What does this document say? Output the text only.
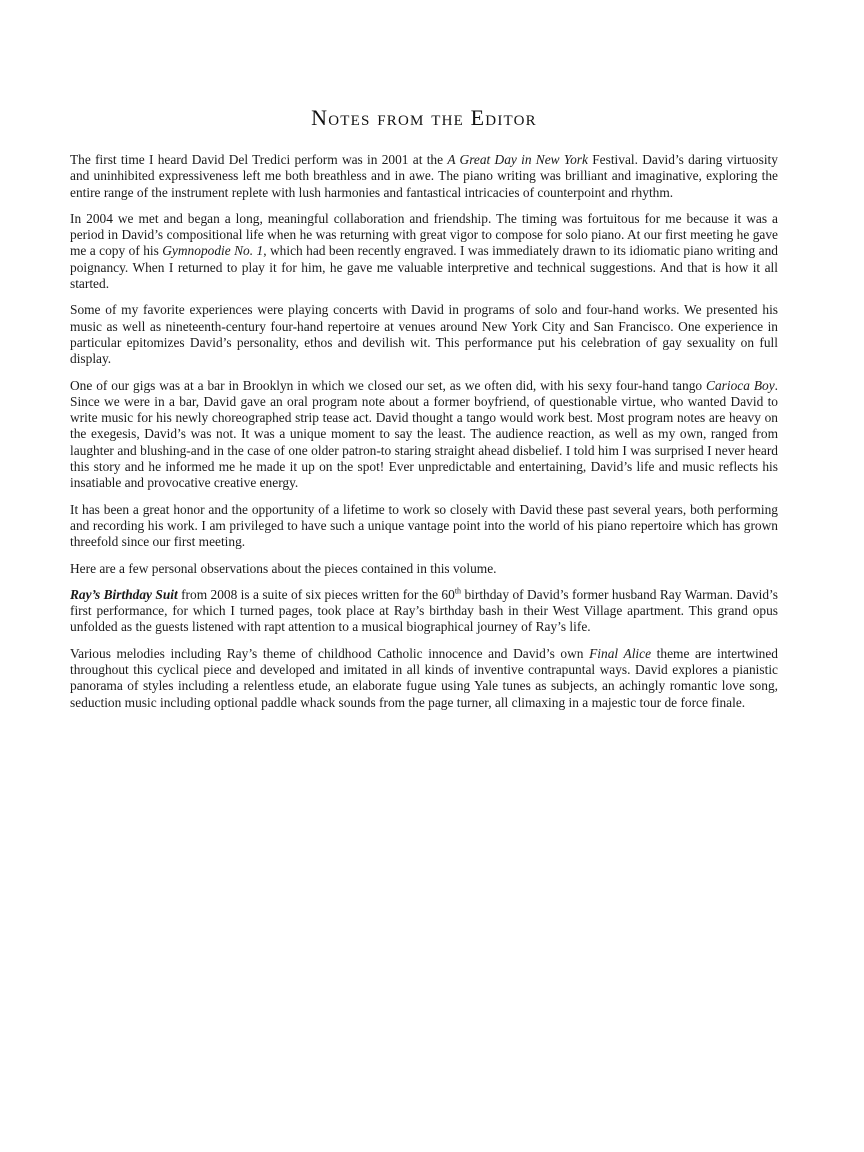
Notes from the Editor

The first time I heard David Del Tredici perform was in 2001 at the A Great Day in New York Festival. David’s daring virtuosity and uninhibited expressiveness left me both breathless and in awe. The piano writing was brilliant and imaginative, exploring the entire range of the instrument replete with lush harmonies and fantastical intricacies of counterpoint and rhythm.

In 2004 we met and began a long, meaningful collaboration and friendship. The timing was fortuitous for me because it was a period in David’s compositional life when he was returning with great vigor to compose for solo piano. At our first meeting he gave me a copy of his Gymnopodie No. 1, which had been recently engraved. I was immediately drawn to its idiomatic piano writing and poignancy. When I returned to play it for him, he gave me valuable interpretive and technical suggestions. And that is how it all started.

Some of my favorite experiences were playing concerts with David in programs of solo and four-hand works. We presented his music as well as nineteenth-century four-hand repertoire at venues around New York City and San Francisco. One experience in particular epitomizes David’s personality, ethos and devilish wit. This performance put his celebration of gay sexuality on full display.

One of our gigs was at a bar in Brooklyn in which we closed our set, as we often did, with his sexy four-hand tango Carioca Boy. Since we were in a bar, David gave an oral program note about a former boyfriend, of questionable virtue, who wanted David to write music for his newly choreographed strip tease act. David thought a tango would work best. Most program notes are heavy on the exegesis, David’s was not. It was a unique moment to say the least. The audience reaction, as well as my own, ranged from laughter and blushing-and in the case of one older patron-to staring straight ahead disbelief. I told him I was surprised I never heard this story and he informed me he made it up on the spot! Ever unpredictable and entertaining, David’s life and music reflects his insatiable and provocative creative energy.

It has been a great honor and the opportunity of a lifetime to work so closely with David these past several years, both performing and recording his work. I am privileged to have such a unique vantage point into the world of his piano repertoire which has grown threefold since our first meeting.

Here are a few personal observations about the pieces contained in this volume.

Ray’s Birthday Suit from 2008 is a suite of six pieces written for the 60th birthday of David’s former husband Ray Warman. David’s first performance, for which I turned pages, took place at Ray’s birthday bash in their West Village apartment. This grand opus unfolded as the guests listened with rapt attention to a musical biographical journey of Ray’s life.

Various melodies including Ray’s theme of childhood Catholic innocence and David’s own Final Alice theme are intertwined throughout this cyclical piece and developed and imitated in all kinds of inventive contrapuntal ways. David explores a pianistic panorama of styles including a relentless etude, an elaborate fugue using Yale tunes as subjects, an achingly romantic love song, seduction music including optional paddle whack sounds from the page turner, all climaxing in a majestic tour de force finale.
